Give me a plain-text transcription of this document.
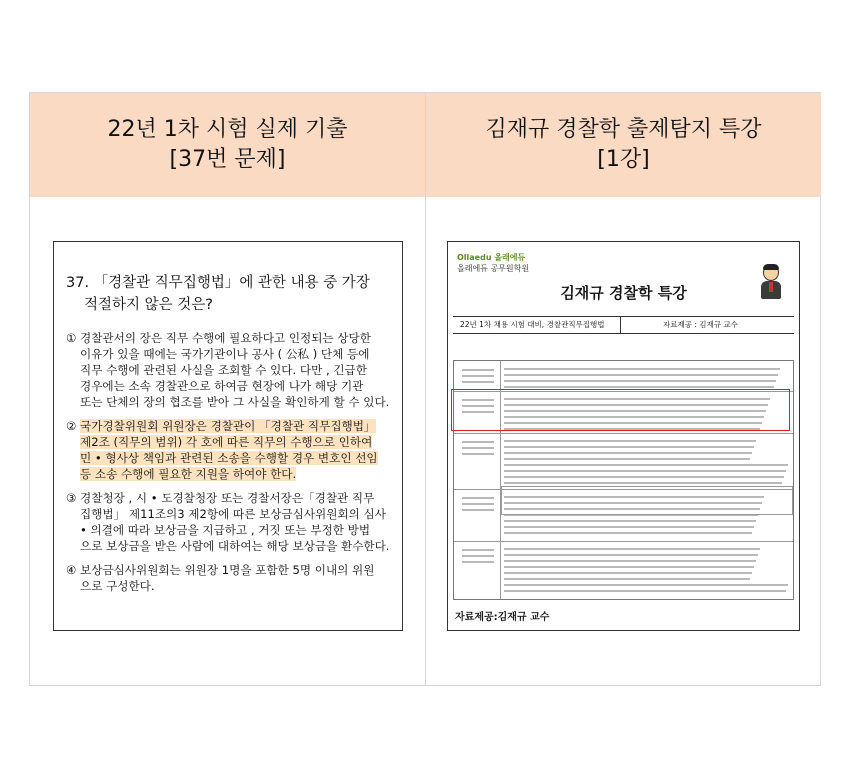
22년 1차 시험 실제 기출
[37번 문제]
김재규 경찰학 출제탐지 특강
[1강]
37. 「경찰관 직무집행법」에 관한 내용 중 가장
적절하지 않은 것은?
① 경찰관서의 장은 직무 수행에 필요하다고 인정되는 상당한
이유가 있을 때에는 국가기관이나 공사 ( 公私 ) 단체 등에
직무 수행에 관련된 사실을 조회할 수 있다. 다만 , 긴급한
경우에는 소속 경찰관으로 하여금 현장에 나가 해당 기관
또는 단체의 장의 협조를 받아 그 사실을 확인하게 할 수 있다.
② 국가경찰위원회 위원장은 경찰관이 「경찰관 직무집행법」
제2조 (직무의 범위) 각 호에 따른 직무의 수행으로 인하여
민 • 형사상 책임과 관련된 소송을 수행할 경우 변호인 선임
등 소송 수행에 필요한 지원을 하여야 한다.
③ 경찰청장 , 시 • 도경찰청장 또는 경찰서장은「경찰관 직무
집행법」 제11조의3 제2항에 따른 보상금심사위원회의 심사
• 의결에 따라 보상금을 지급하고 , 거짓 또는 부정한 방법
으로 보상금을 받은 사람에 대하여는 해당 보상금을 환수한다.
④ 보상금심사위원회는 위원장 1명을 포함한 5명 이내의 위원
으로 구성한다.
Ollaedu 올래에듀
올래에듀 공무원학원
김재규 경찰학 특강
22년 1차 채용 시험 대비, 경찰관직무집행법	자료제공 : 김재규 교수
자료제공:김재규 교수
